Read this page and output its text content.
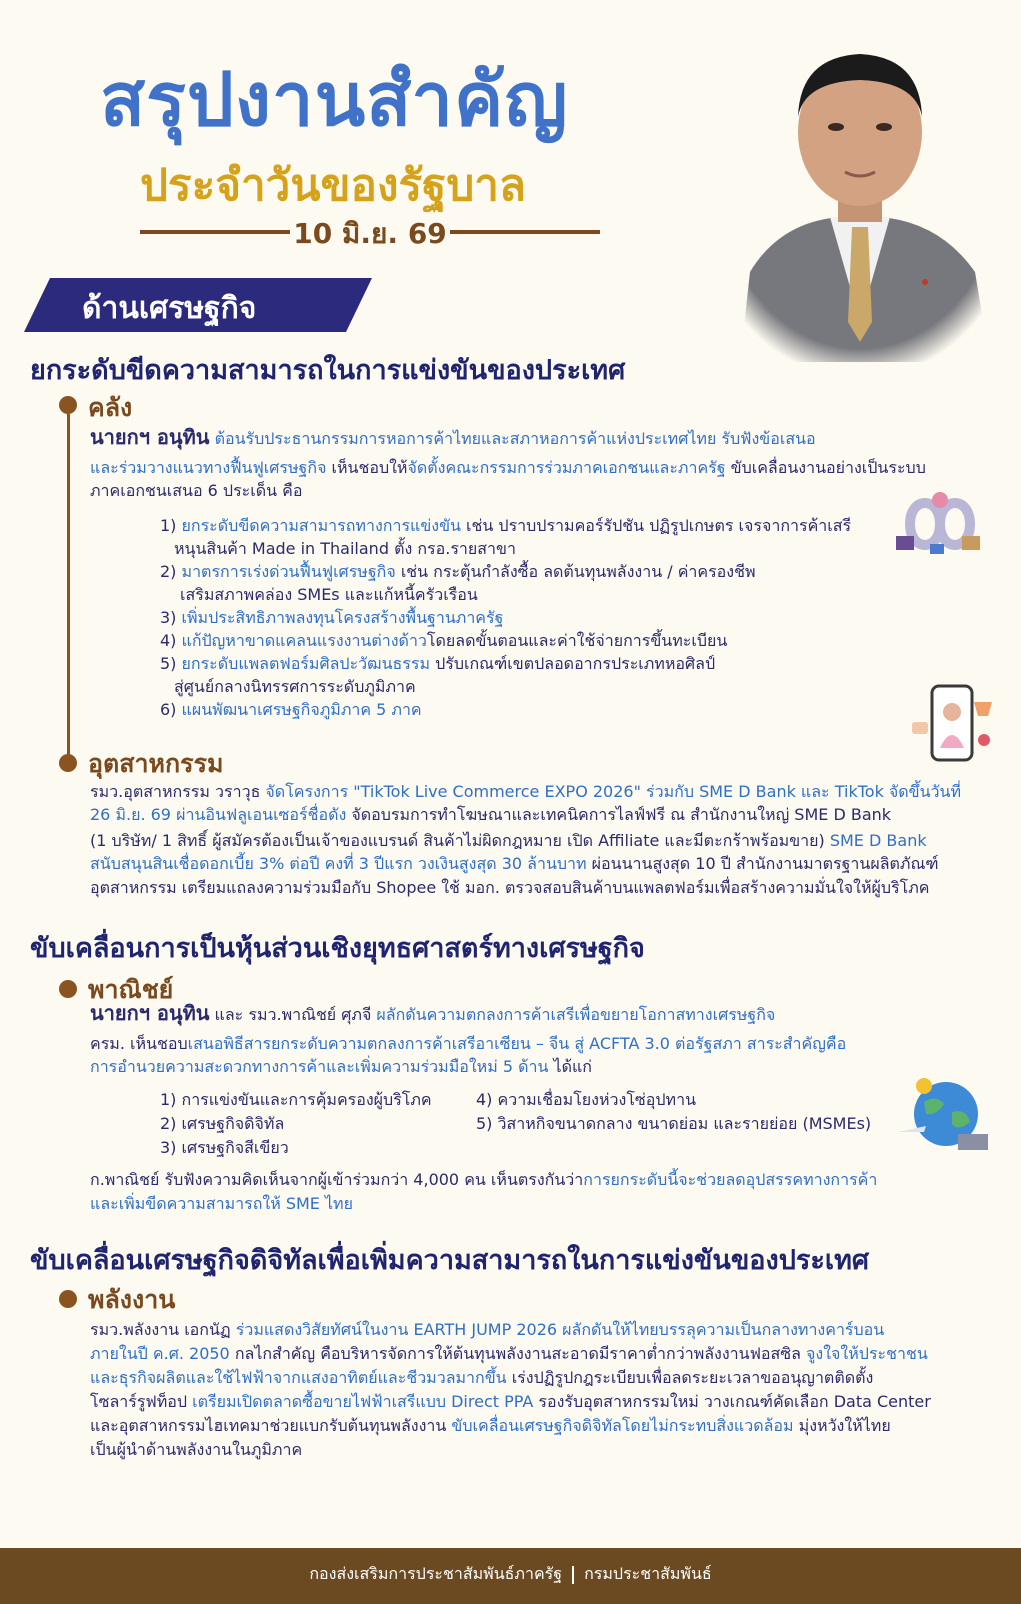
สรุปงานสำคัญ
ประจำวันของรัฐบาล
10 มิ.ย. 69
ด้านเศรษฐกิจ
ยกระดับขีดความสามารถในการแข่งขันของประเทศ
คลัง
นายกฯ อนุทิน ต้อนรับประธานกรรมการหอการค้าไทยและสภาหอการค้าแห่งประเทศไทย รับฟังข้อเสนอ
และร่วมวางแนวทางฟื้นฟูเศรษฐกิจ เห็นชอบให้จัดตั้งคณะกรรมการร่วมภาคเอกชนและภาครัฐ ขับเคลื่อนงานอย่างเป็นระบบ
ภาคเอกชนเสนอ 6 ประเด็น คือ
1) ยกระดับขีดความสามารถทางการแข่งขัน เช่น ปราบปรามคอร์รัปชัน ปฏิรูปเกษตร เจรจาการค้าเสรี
หนุนสินค้า Made in Thailand ตั้ง กรอ.รายสาขา
2) มาตรการเร่งด่วนฟื้นฟูเศรษฐกิจ เช่น กระตุ้นกำลังซื้อ ลดต้นทุนพลังงาน / ค่าครองชีพ
เสริมสภาพคล่อง SMEs และแก้หนี้ครัวเรือน
3) เพิ่มประสิทธิภาพลงทุนโครงสร้างพื้นฐานภาครัฐ
4) แก้ปัญหาขาดแคลนแรงงานต่างด้าวโดยลดขั้นตอนและค่าใช้จ่ายการขึ้นทะเบียน
5) ยกระดับแพลตฟอร์มศิลปะวัฒนธรรม ปรับเกณฑ์เขตปลอดอากรประเภทหอศิลป์
สู่ศูนย์กลางนิทรรศการระดับภูมิภาค
6) แผนพัฒนาเศรษฐกิจภูมิภาค 5 ภาค
อุตสาหกรรม
รมว.อุตสาหกรรม วราวุธ จัดโครงการ "TikTok Live Commerce EXPO 2026" ร่วมกับ SME D Bank และ TikTok จัดขึ้นวันที่
26 มิ.ย. 69 ผ่านอินฟลูเอนเซอร์ชื่อดัง จัดอบรมการทำโฆษณาและเทคนิคการไลฟ์ฟรี ณ สำนักงานใหญ่ SME D Bank
(1 บริษัท/ 1 สิทธิ์ ผู้สมัครต้องเป็นเจ้าของแบรนด์ สินค้าไม่ผิดกฎหมาย เปิด Affiliate และมีตะกร้าพร้อมขาย) SME D Bank
สนับสนุนสินเชื่อดอกเบี้ย 3% ต่อปี คงที่ 3 ปีแรก วงเงินสูงสุด 30 ล้านบาท ผ่อนนานสูงสุด 10 ปี สำนักงานมาตรฐานผลิตภัณฑ์
อุตสาหกรรม เตรียมแถลงความร่วมมือกับ Shopee ใช้ มอก. ตรวจสอบสินค้าบนแพลตฟอร์มเพื่อสร้างความมั่นใจให้ผู้บริโภค
ขับเคลื่อนการเป็นหุ้นส่วนเชิงยุทธศาสตร์ทางเศรษฐกิจ
พาณิชย์
นายกฯ อนุทิน และ รมว.พาณิชย์ ศุภจี ผลักดันความตกลงการค้าเสรีเพื่อขยายโอกาสทางเศรษฐกิจ
ครม. เห็นชอบเสนอพิธีสารยกระดับความตกลงการค้าเสรีอาเซียน – จีน สู่ ACFTA 3.0 ต่อรัฐสภา สาระสำคัญคือ
การอำนวยความสะดวกทางการค้าและเพิ่มความร่วมมือใหม่ 5 ด้าน ได้แก่
1) การแข่งขันและการคุ้มครองผู้บริโภค
2) เศรษฐกิจดิจิทัล
3) เศรษฐกิจสีเขียว
4) ความเชื่อมโยงห่วงโซ่อุปทาน
5) วิสาหกิจขนาดกลาง ขนาดย่อม และรายย่อย (MSMEs)
ก.พาณิชย์ รับฟังความคิดเห็นจากผู้เข้าร่วมกว่า 4,000 คน เห็นตรงกันว่าการยกระดับนี้จะช่วยลดอุปสรรคทางการค้า
และเพิ่มขีดความสามารถให้ SME ไทย
ขับเคลื่อนเศรษฐกิจดิจิทัลเพื่อเพิ่มความสามารถในการแข่งขันของประเทศ
พลังงาน
รมว.พลังงาน เอกนัฏ ร่วมแสดงวิสัยทัศน์ในงาน EARTH JUMP 2026 ผลักดันให้ไทยบรรลุความเป็นกลางทางคาร์บอน
ภายในปี ค.ศ. 2050 กลไกสำคัญ คือบริหารจัดการให้ต้นทุนพลังงานสะอาดมีราคาต่ำกว่าพลังงานฟอสซิล จูงใจให้ประชาชน
และธุรกิจผลิตและใช้ไฟฟ้าจากแสงอาทิตย์และชีวมวลมากขึ้น เร่งปฏิรูปกฎระเบียบเพื่อลดระยะเวลาขออนุญาตติดตั้ง
โซลาร์รูฟท็อป เตรียมเปิดตลาดซื้อขายไฟฟ้าเสรีแบบ Direct PPA รองรับอุตสาหกรรมใหม่ วางเกณฑ์คัดเลือก Data Center
และอุตสาหกรรมไฮเทคมาช่วยแบกรับต้นทุนพลังงาน ขับเคลื่อนเศรษฐกิจดิจิทัลโดยไม่กระทบสิ่งแวดล้อม มุ่งหวังให้ไทย
เป็นผู้นำด้านพลังงานในภูมิภาค
กองส่งเสริมการประชาสัมพันธ์ภาครัฐ กรมประชาสัมพันธ์
